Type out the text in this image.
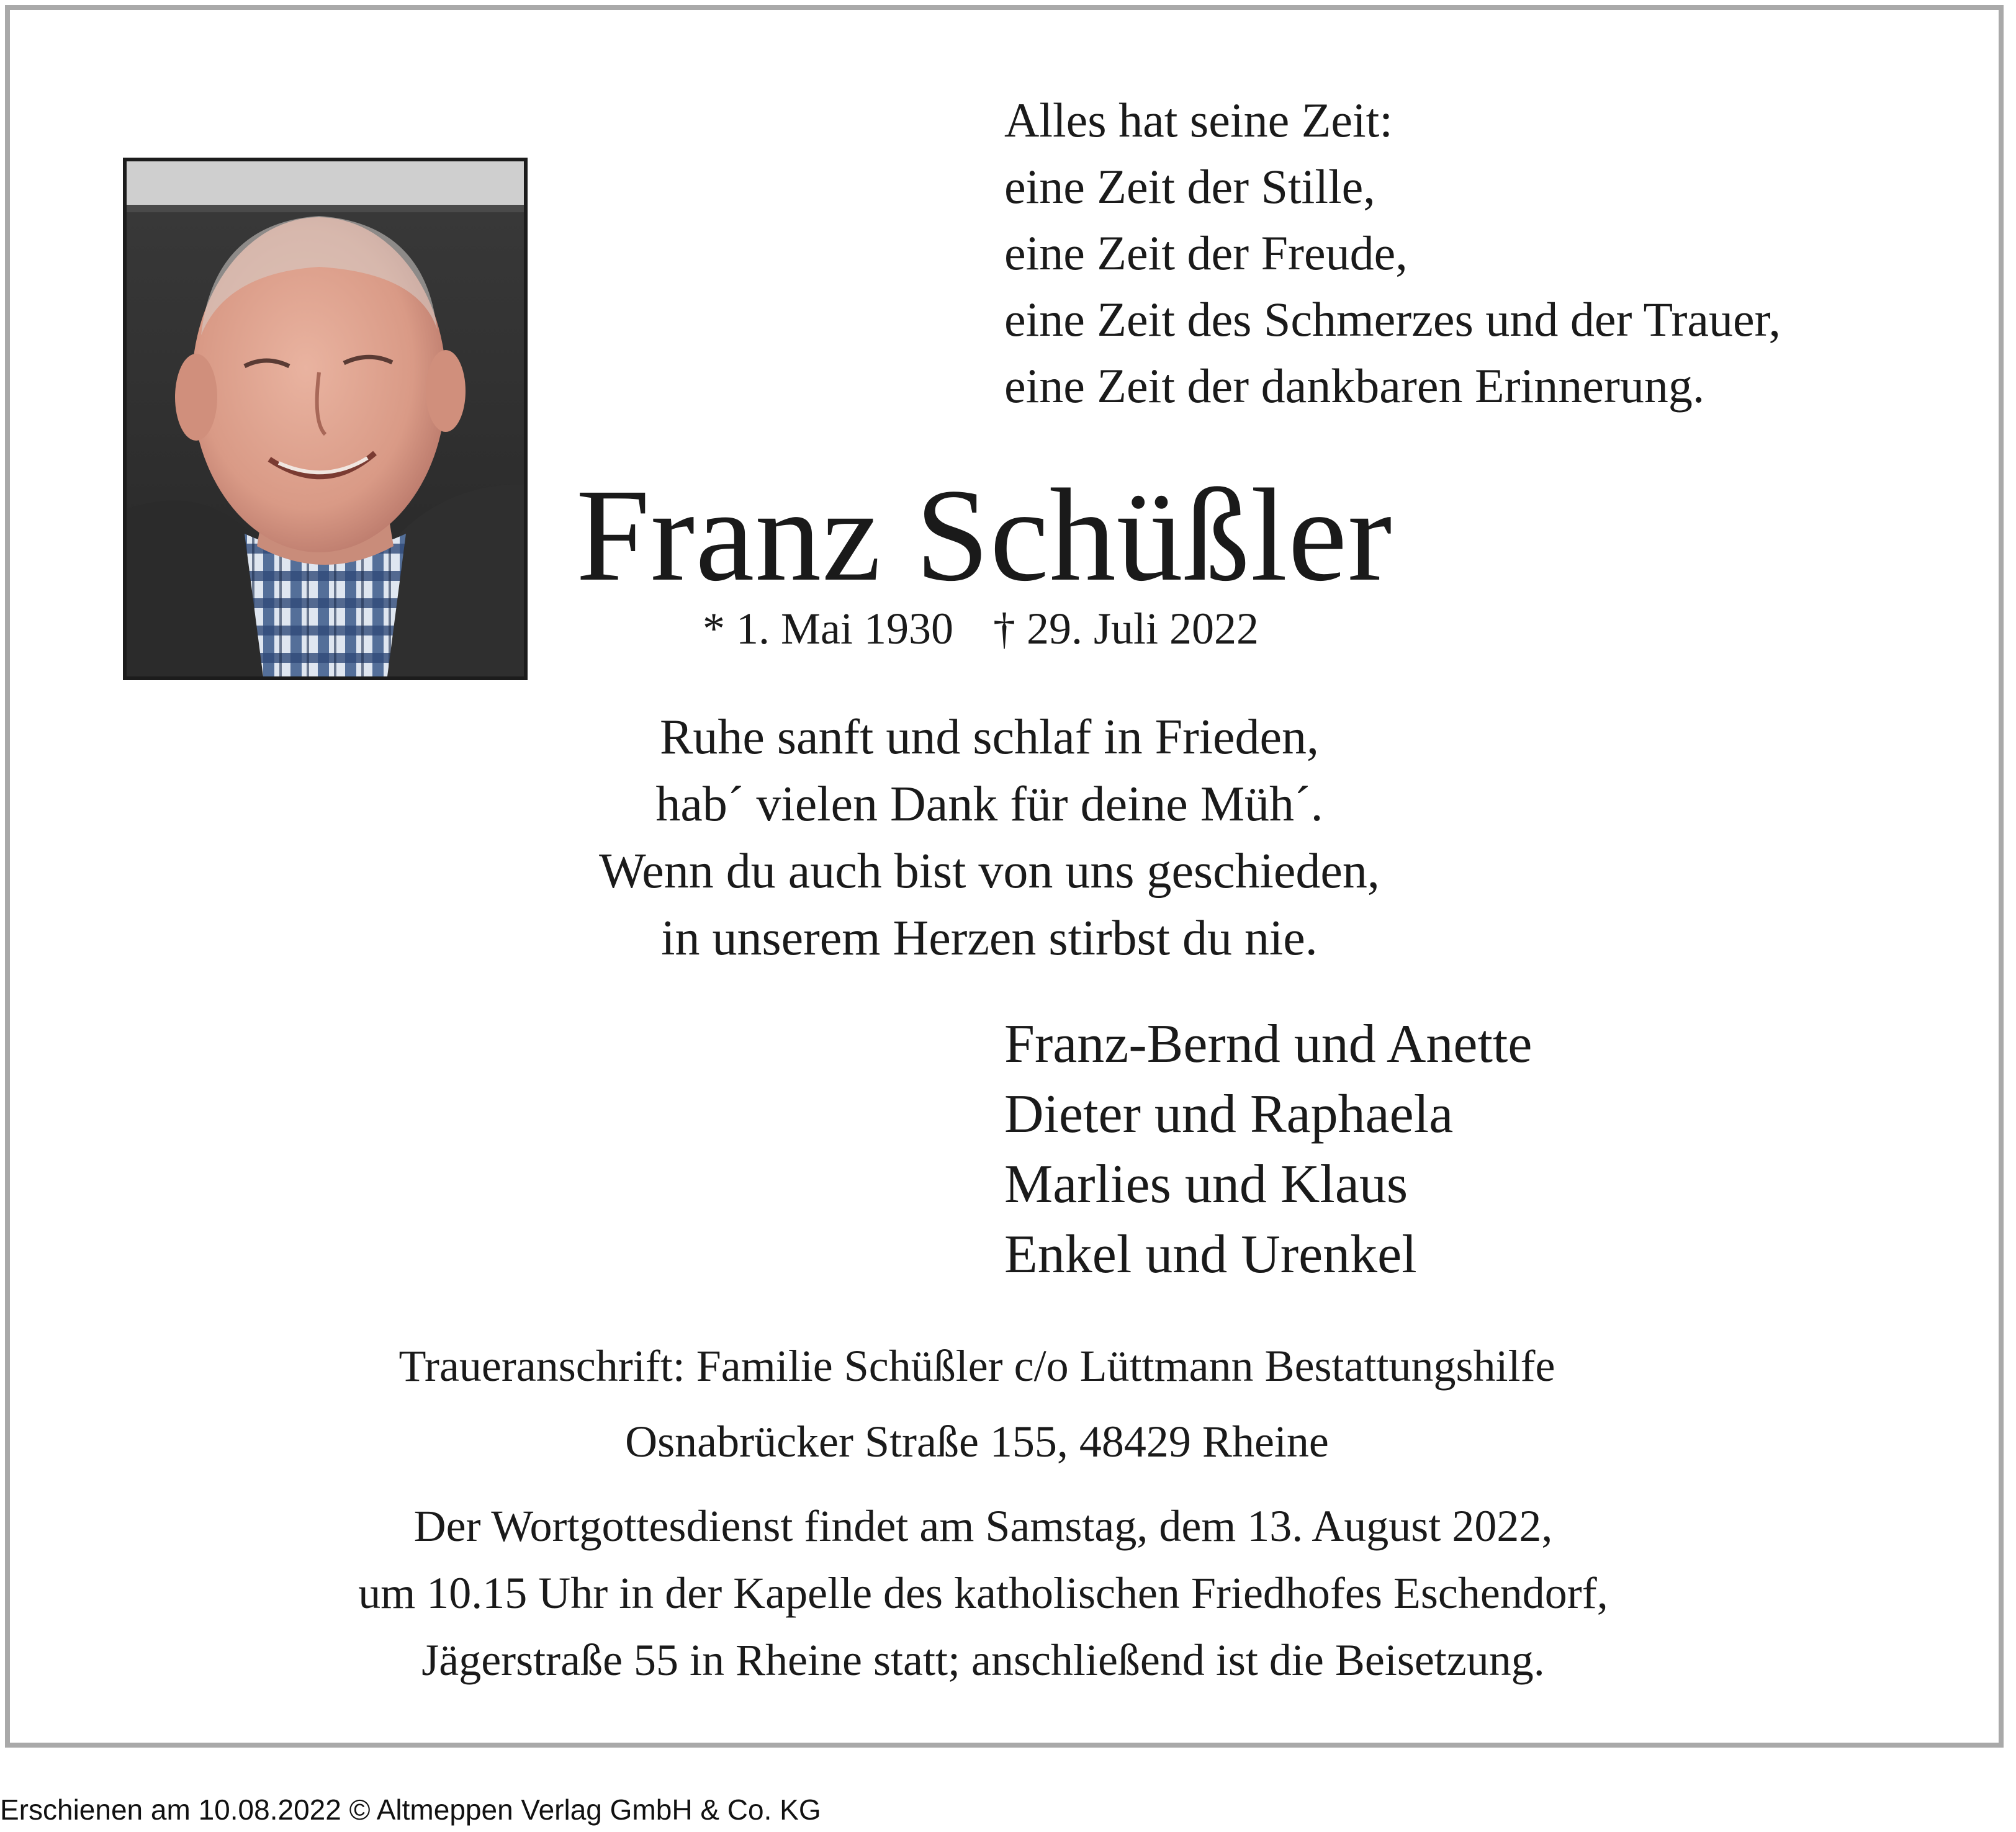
Alles hat seine Zeit:
eine Zeit der Stille,
eine Zeit der Freude,
eine Zeit des Schmerzes und der Trauer,
eine Zeit der dankbaren Erinnerung.
Franz Schüßler
* 1. Mai 1930 † 29. Juli 2022
Ruhe sanft und schlaf in Frieden,
hab´ vielen Dank für deine Müh´.
Wenn du auch bist von uns geschieden,
in unserem Herzen stirbst du nie.
Franz-Bernd und Anette
Dieter und Raphaela
Marlies und Klaus
Enkel und Urenkel
Traueranschrift: Familie Schüßler c/o Lüttmann Bestattungshilfe
Osnabrücker Straße 155, 48429 Rheine
Der Wortgottesdienst findet am Samstag, dem 13. August 2022,
um 10.15 Uhr in der Kapelle des katholischen Friedhofes Eschendorf,
Jägerstraße 55 in Rheine statt; anschließend ist die Beisetzung.
Erschienen am 10.08.2022 © Altmeppen Verlag GmbH & Co. KG
